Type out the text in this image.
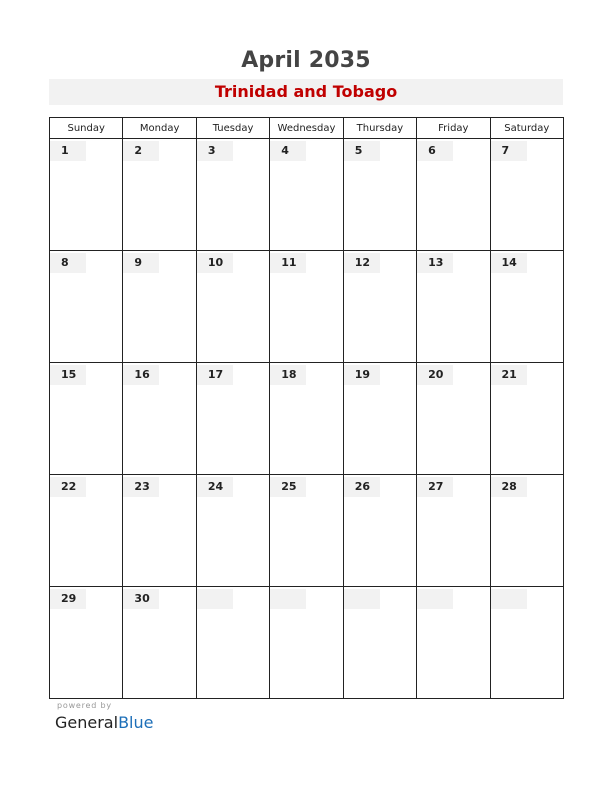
April 2035
Trinidad and Tobago
Sunday	Monday	Tuesday	Wednesday	Thursday	Friday	Saturday

1	2	3	4	5	6	7

8	9	10	11	12	13	14

15	16	17	18	19	20	21

22	23	24	25	26	27	28

29	30					

powered by
GeneralBlue
